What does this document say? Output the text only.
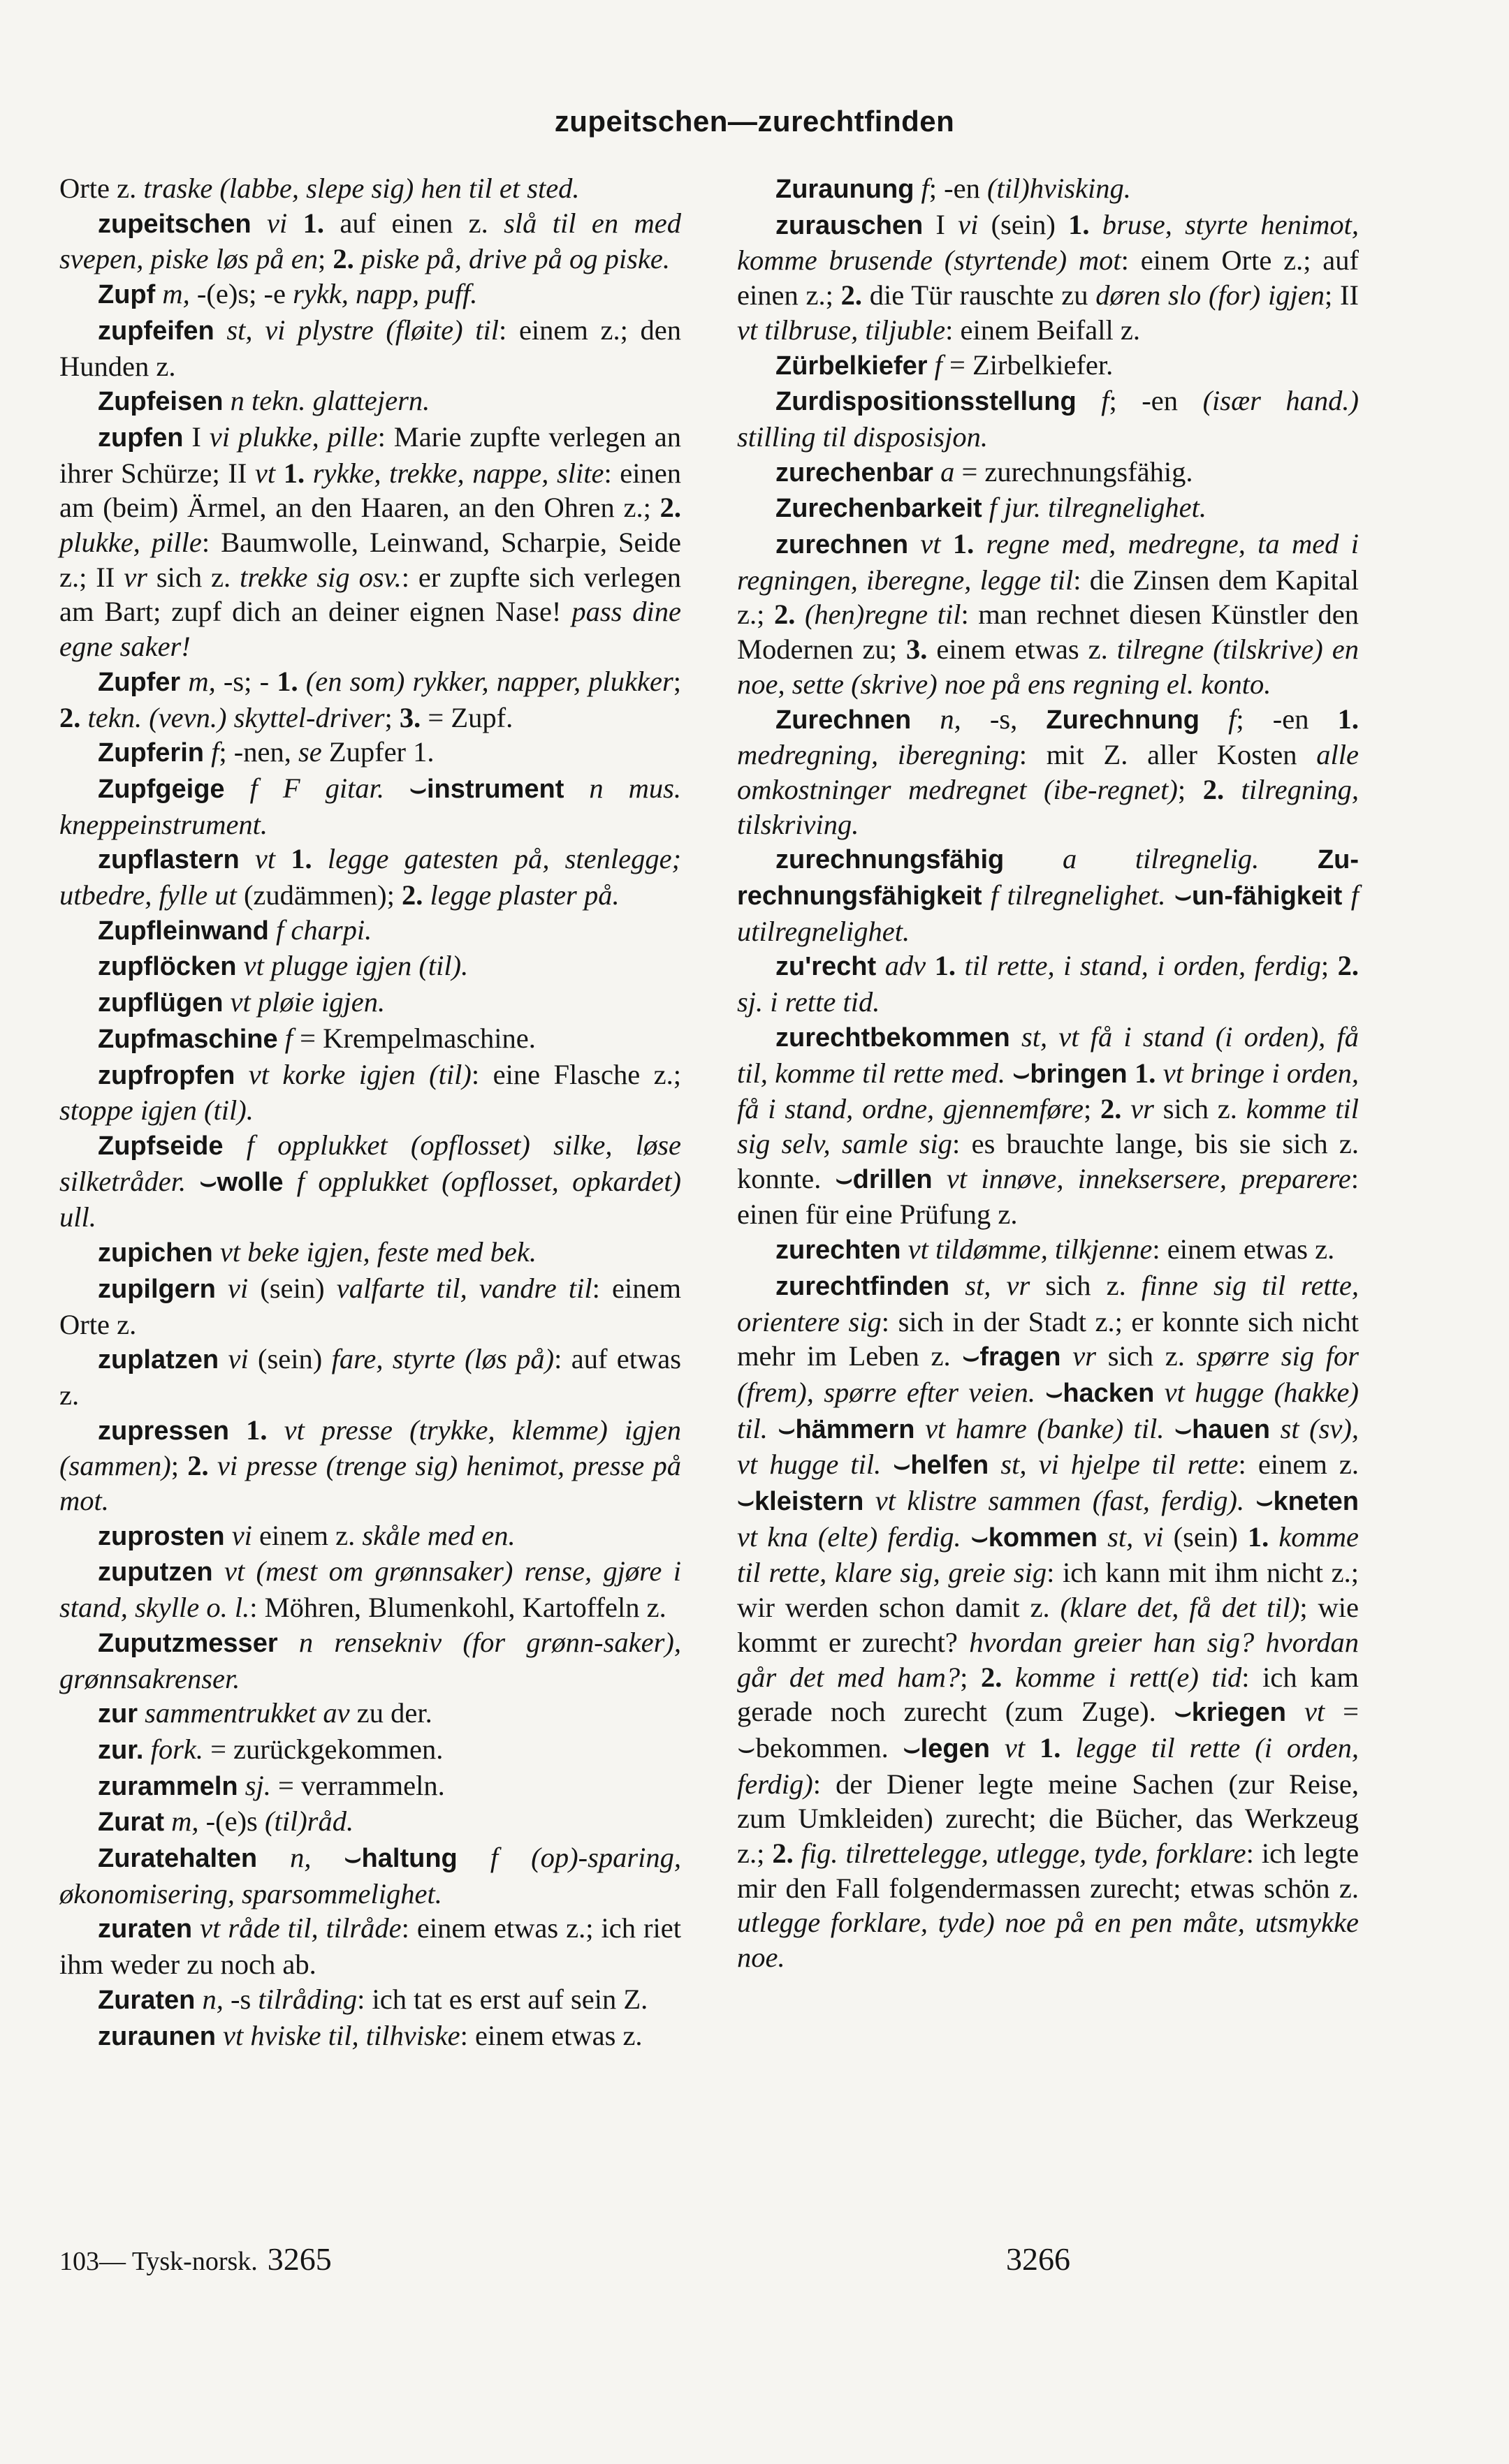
zupeitschen—zurechtfinden

Orte z. traske (labbe, slepe sig) hen til et sted.

zupeitschen vi 1. auf einen z. slå til en med svepen, piske løs på en; 2. piske på, drive på og piske.

Zupf m, -(e)s; -e rykk, napp, puff.

zupfeifen st, vi plystre (fløite) til: einem z.; den Hunden z.

Zupfeisen n tekn. glattejern.

zupfen I vi plukke, pille: Marie zupfte verlegen an ihrer Schürze; II vt 1. rykke, trekke, nappe, slite: einen am (beim) Ärmel, an den Haaren, an den Ohren z.; 2. plukke, pille: Baumwolle, Leinwand, Scharpie, Seide z.; II vr sich z. trekke sig osv.: er zupfte sich verlegen am Bart; zupf dich an deiner eignen Nase! pass dine egne saker!

Zupfer m, -s; - 1. (en som) rykker, napper, plukker; 2. tekn. (vevn.) skyttel-driver; 3. = Zupf.

Zupferin f; -nen, se Zupfer 1.

Zupfgeige f F gitar. ⌣instrument n mus. kneppeinstrument.

zupflastern vt 1. legge gatesten på, stenlegge; utbedre, fylle ut (zudämmen); 2. legge plaster på.

Zupfleinwand f charpi.

zupflöcken vt plugge igjen (til).

zupflügen vt pløie igjen.

Zupfmaschine f = Krempelmaschine.

zupfropfen vt korke igjen (til): eine Flasche z.; stoppe igjen (til).

Zupfseide f opplukket (opflosset) silke, løse silketråder. ⌣wolle f opplukket (opflosset, opkardet) ull.

zupichen vt beke igjen, feste med bek.

zupilgern vi (sein) valfarte til, vandre til: einem Orte z.

zuplatzen vi (sein) fare, styrte (løs på): auf etwas z.

zupressen 1. vt presse (trykke, klemme) igjen (sammen); 2. vi presse (trenge sig) henimot, presse på mot.

zuprosten vi einem z. skåle med en.

zuputzen vt (mest om grønnsaker) rense, gjøre i stand, skylle o. l.: Möhren, Blumenkohl, Kartoffeln z.

Zuputzmesser n rensekniv (for grønn-saker), grønnsakrenser.

zur sammentrukket av zu der.

zur. fork. = zurückgekommen.

zurammeln sj. = verrammeln.

Zurat m, -(e)s (til)råd.

Zuratehalten n, ⌣haltung f (op)-sparing, økonomisering, sparsommelighet.

zuraten vt råde til, tilråde: einem etwas z.; ich riet ihm weder zu noch ab.

Zuraten n, -s tilråding: ich tat es erst auf sein Z.

zuraunen vt hviske til, tilhviske: einem etwas z.

Zuraunung f; -en (til)hvisking.

zurauschen I vi (sein) 1. bruse, styrte henimot, komme brusende (styrtende) mot: einem Orte z.; auf einen z.; 2. die Tür rauschte zu døren slo (for) igjen; II vt tilbruse, tiljuble: einem Beifall z.

Zürbelkiefer f = Zirbelkiefer.

Zurdispositionsstellung f; -en (især hand.) stilling til disposisjon.

zurechenbar a = zurechnungsfähig.

Zurechenbarkeit f jur. tilregnelighet.

zurechnen vt 1. regne med, medregne, ta med i regningen, iberegne, legge til: die Zinsen dem Kapital z.; 2. (hen)regne til: man rechnet diesen Künstler den Modernen zu; 3. einem etwas z. tilregne (tilskrive) en noe, sette (skrive) noe på ens regning el. konto.

Zurechnen n, -s, Zurechnung f; -en 1. medregning, iberegning: mit Z. aller Kosten alle omkostninger medregnet (ibe-regnet); 2. tilregning, tilskriving.

zurechnungsfähig a tilregnelig. Zu-rechnungsfähigkeit f tilregnelighet. ⌣un-fähigkeit f utilregnelighet.

zu'recht adv 1. til rette, i stand, i orden, ferdig; 2. sj. i rette tid.

zurechtbekommen st, vt få i stand (i orden), få til, komme til rette med. ⌣bringen 1. vt bringe i orden, få i stand, ordne, gjennemføre; 2. vr sich z. komme til sig selv, samle sig: es brauchte lange, bis sie sich z. konnte. ⌣drillen vt innøve, inneksersere, preparere: einen für eine Prüfung z.

zurechten vt tildømme, tilkjenne: einem etwas z.

zurechtfinden st, vr sich z. finne sig til rette, orientere sig: sich in der Stadt z.; er konnte sich nicht mehr im Leben z. ⌣fragen vr sich z. spørre sig for (frem), spørre efter veien. ⌣hacken vt hugge (hakke) til. ⌣hämmern vt hamre (banke) til. ⌣hauen st (sv), vt hugge til. ⌣helfen st, vi hjelpe til rette: einem z. ⌣kleistern vt klistre sammen (fast, ferdig). ⌣kneten vt kna (elte) ferdig. ⌣kommen st, vi (sein) 1. komme til rette, klare sig, greie sig: ich kann mit ihm nicht z.; wir werden schon damit z. (klare det, få det til); wie kommt er zurecht? hvordan greier han sig? hvordan går det med ham?; 2. komme i rett(e) tid: ich kam gerade noch zurecht (zum Zuge). ⌣kriegen vt = ⌣bekommen. ⌣legen vt 1. legge til rette (i orden, ferdig): der Diener legte meine Sachen (zur Reise, zum Umkleiden) zurecht; die Bücher, das Werkzeug z.; 2. fig. tilrettelegge, utlegge, tyde, forklare: ich legte mir den Fall folgendermassen zurecht; etwas schön z. utlegge forklare, tyde) noe på en pen måte, utsmykke noe.

103— Tysk-norsk. 3265	3266
